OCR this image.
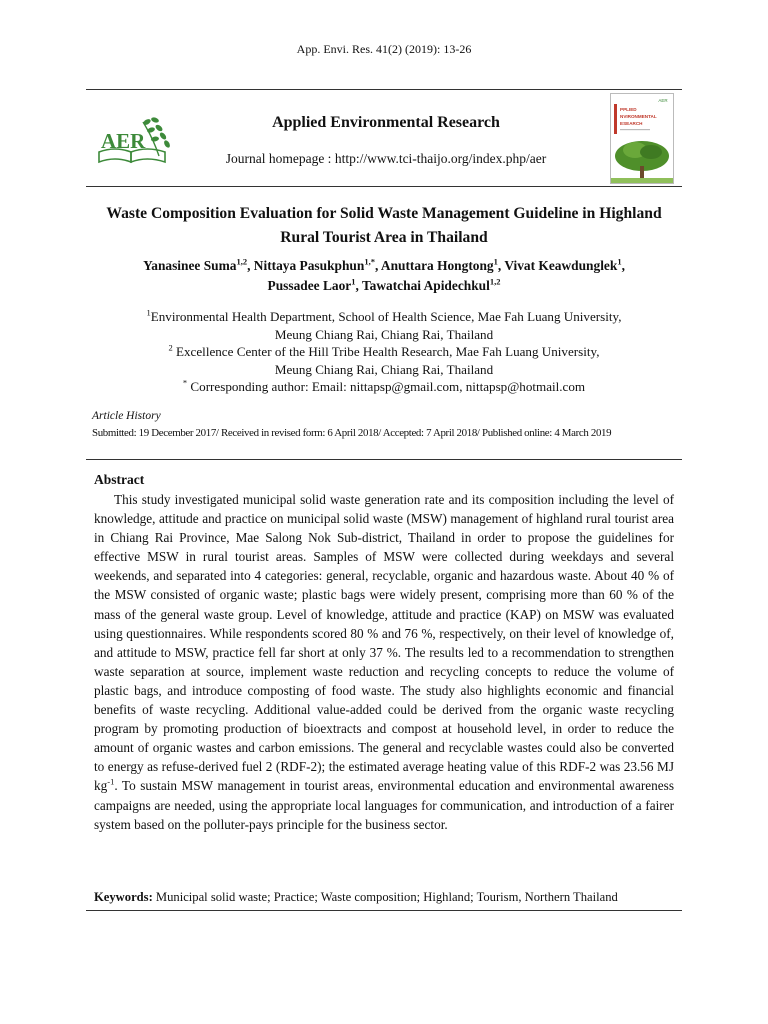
App. Envi. Res. 41(2) (2019): 13-26
AER
Applied Environmental Research
Journal homepage : http://www.tci-thaijo.org/index.php/aer
AER
PPLIED
NVIRONMENTAL
ESEARCH
Waste Composition Evaluation for Solid Waste Management Guideline in Highland Rural Tourist Area in Thailand
Yanasinee Suma$^{1,2}$, Nittaya Pasukphun$^{1,*}$, Anuttara Hongtong$^1$, Vivat Keawdunglek$^1$,
Pussadee Laor$^1$, Tawatchai Apidechkul$^{1,2}$
$^1$Environmental Health Department, School of Health Science, Mae Fah Luang University,
Meung Chiang Rai, Chiang Rai, Thailand
$^2$ Excellence Center of the Hill Tribe Health Research, Mae Fah Luang University,
Meung Chiang Rai, Chiang Rai, Thailand
* Corresponding author: Email: nittapsp@gmail.com, nittapsp@hotmail.com
Article History
Submitted: 19 December 2017/ Received in revised form: 6 April 2018/ Accepted: 7 April 2018/ Published online: 4 March 2019
Abstract
This study investigated municipal solid waste generation rate and its composition including the level of knowledge, attitude and practice on municipal solid waste (MSW) management of highland rural tourist area in Chiang Rai Province, Mae Salong Nok Sub-district, Thailand in order to propose the guidelines for effective MSW in rural tourist areas. Samples of MSW were collected during weekdays and several weekends, and separated into 4 categories: general, recyclable, organic and hazardous waste. About 40 % of the MSW consisted of organic waste; plastic bags were widely present, comprising more than 60 % of the mass of the general waste group. Level of knowledge, attitude and practice (KAP) on MSW was evaluated using questionnaires. While respondents scored 80 % and 76 %, respectively, on their level of knowledge of, and attitude to MSW, practice fell far short at only 37 %. The results led to a recommendation to strengthen waste separation at source, implement waste reduction and recycling concepts to reduce the volume of plastic bags, and introduce composting of food waste. The study also highlights economic and financial benefits of waste recycling. Additional value-added could be derived from the organic waste recycling program by promoting production of bioextracts and compost at household level, in order to reduce the amount of organic wastes and carbon emissions. The general and recyclable wastes could also be converted to energy as refuse-derived fuel 2 (RDF-2); the estimated average heating value of this RDF-2 was 23.56 MJ $kg^{-1}$. To sustain MSW management in tourist areas, environmental education and environmental awareness campaigns are needed, using the appropriate local languages for communication, and introduction of a fairer system based on the polluter-pays principle for the business sector.
Keywords: Municipal solid waste; Practice; Waste composition; Highland; Tourism, Northern Thailand
